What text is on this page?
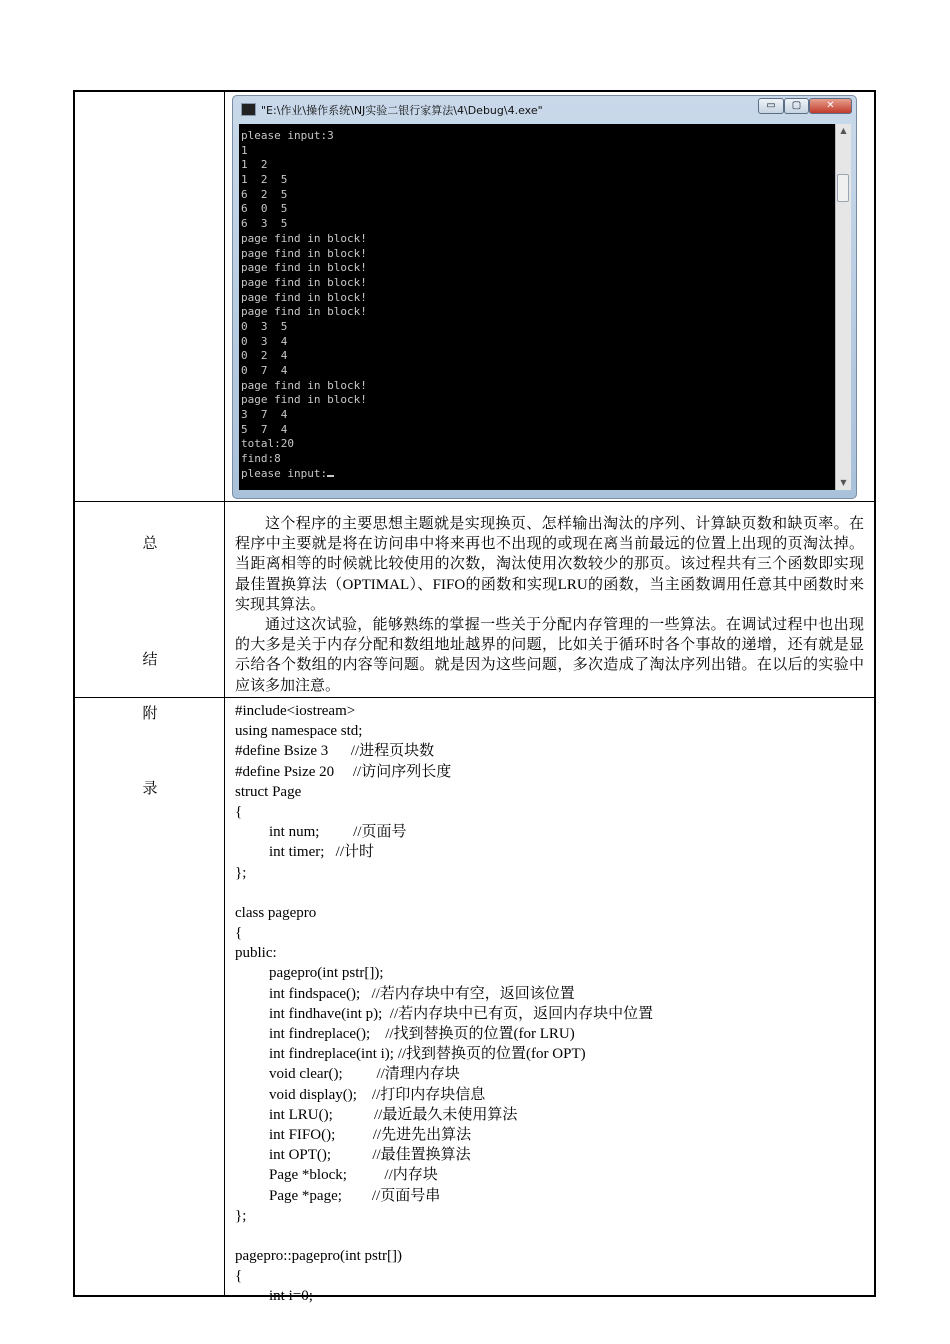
"E:\作业\操作系统\NJ实验二银行家算法\4\Debug\4.exe"	▭	▢	✕
please input:3
1
1  2
1  2  5
6  2  5
6  0  5
6  3  5
page find in block!
page find in block!
page find in block!
page find in block!
page find in block!
page find in block!
0  3  5
0  3  4
0  2  4
0  7  4
page find in block!
page find in block!
3  7  4
5  7  4
total:20
find:8
please input:
▲
▼
总
结

这个程序的主要思想主题就是实现换页、怎样输出淘汰的序列、计算缺页数和缺页率。在程序中主要就是将在访问串中将来再也不出现的或现在离当前最远的位置上出现的页淘汰掉。当距离相等的时候就比较使用的次数，淘汰使用次数较少的那页。该过程共有三个函数即实现最佳置换算法（OPTIMAL）、FIFO的函数和实现LRU的函数，当主函数调用任意其中函数时来实现其算法。

通过这次试验，能够熟练的掌握一些关于分配内存管理的一些算法。在调试过程中也出现的大多是关于内存分配和数组地址越界的问题，比如关于循环时各个事故的递增，还有就是显示给各个数组的内容等问题。就是因为这些问题，多次造成了淘汰序列出错。在以后的实验中应该多加注意。

附
录
#include<iostream>
using namespace std;
#define Bsize 3      //进程页块数
#define Psize 20     //访问序列长度
struct Page
{
int num;         //页面号
int timer;   //计时
};
class pagepro
{
public:
pagepro(int pstr[]);
int findspace();   //若内存块中有空，返回该位置
int findhave(int p);  //若内存块中已有页，返回内存块中位置
int findreplace();    //找到替换页的位置(for LRU)
int findreplace(int i); //找到替换页的位置(for OPT)
void clear();         //清理内存块
void display();    //打印内存块信息
int LRU();           //最近最久未使用算法
int FIFO();          //先进先出算法
int OPT();           //最佳置换算法
Page *block;          //内存块
Page *page;        //页面号串
};
pagepro::pagepro(int pstr[])
{
int i=0;
